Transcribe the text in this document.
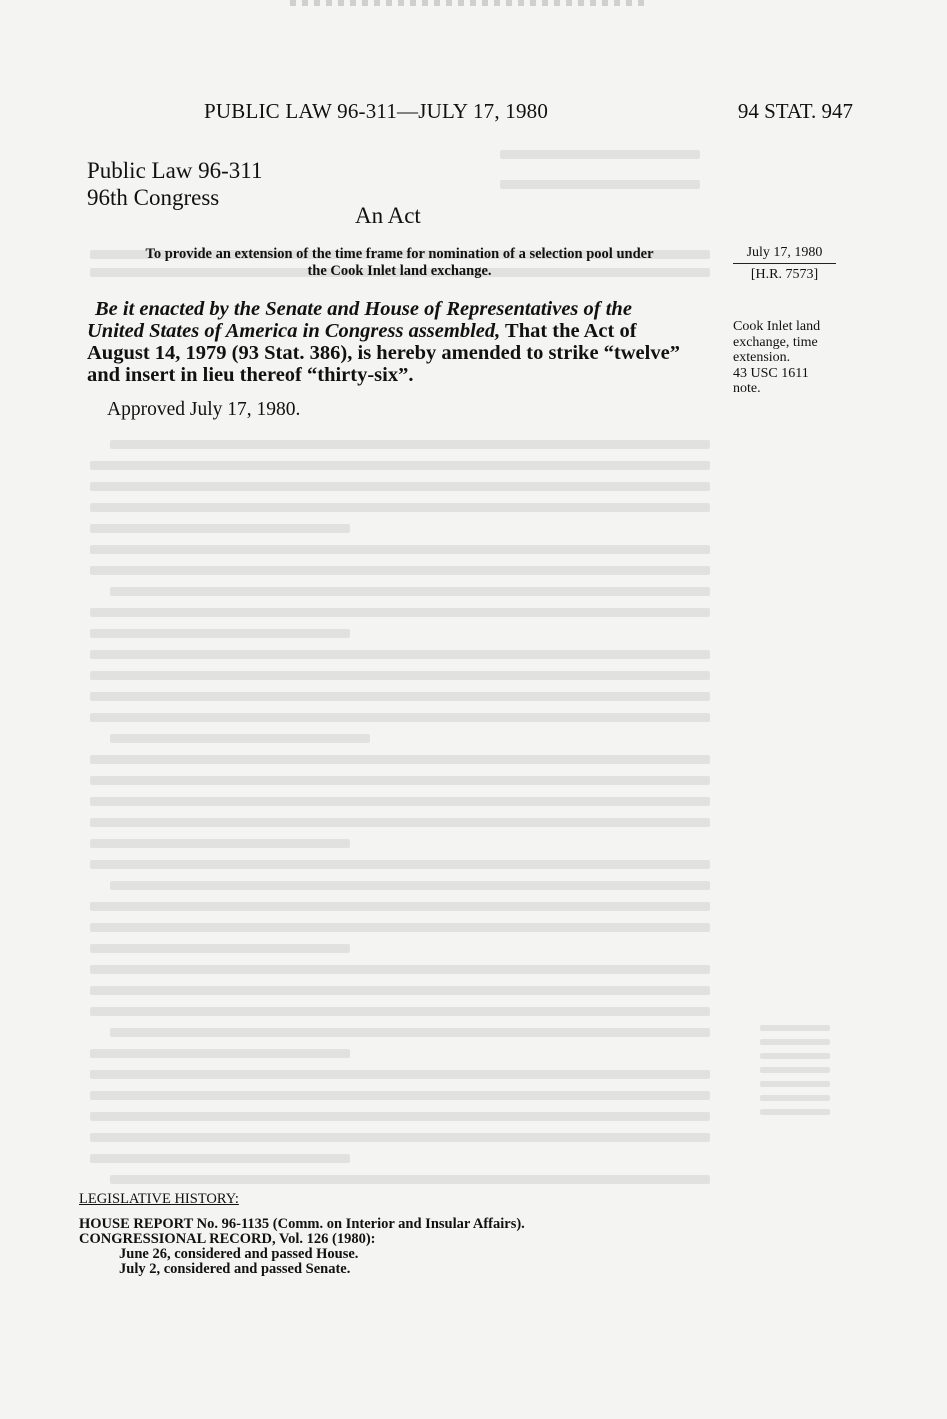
PUBLIC LAW 96-311—JULY 17, 1980	94 STAT. 947
Public Law 96-311
96th Congress
An Act
To provide an extension of the time frame for nomination of a selection pool under
the Cook Inlet land exchange.
Be it enacted by the Senate and House of Representatives of the
United States of America in Congress assembled, That the Act of
August 14, 1979 (93 Stat. 386), is hereby amended to strike “twelve”
and insert in lieu thereof “thirty-six”.
Approved July 17, 1980.
July 17, 1980
[H.R. 7573]
Cook Inlet land
exchange, time
extension.
43 USC 1611
note.
LEGISLATIVE HISTORY:
HOUSE REPORT No. 96-1135 (Comm. on Interior and Insular Affairs).
CONGRESSIONAL RECORD, Vol. 126 (1980):
June 26, considered and passed House.
July 2, considered and passed Senate.
